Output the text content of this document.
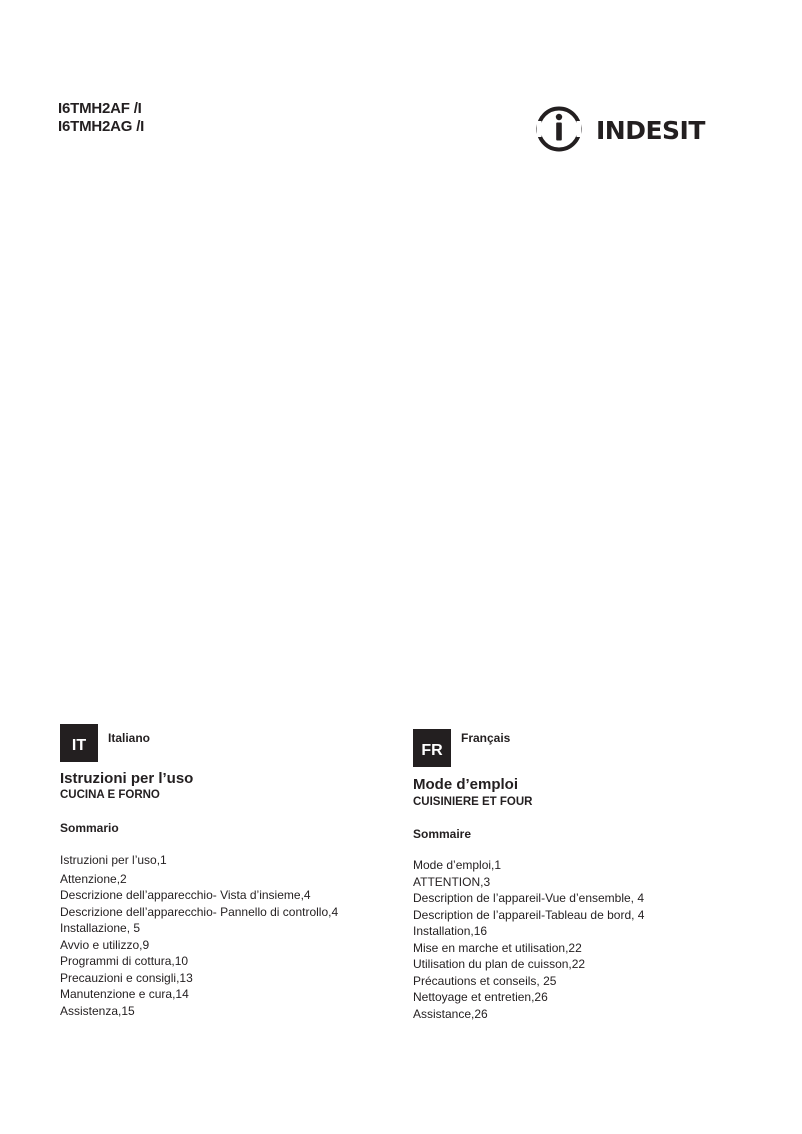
I6TMH2AF /I
I6TMH2AG /I	INDESIT
IT	Italiano
Istruzioni per l’uso
CUCINA E FORNO
Sommario
Istruzioni per l’uso,1
Attenzione,2
Descrizione dell’apparecchio- Vista d’insieme,4
Descrizione dell’apparecchio- Pannello di controllo,4
Installazione, 5
Avvio e utilizzo,9
Programmi di cottura,10
Precauzioni e consigli,13
Manutenzione e cura,14
Assistenza,15
FR
Français
Mode d’emploi
CUISINIERE ET FOUR
Sommaire
Mode d’emploi,1
ATTENTION,3
Description de l’appareil-Vue d’ensemble, 4
Description de l’appareil-Tableau de bord, 4
Installation,16
Mise en marche et utilisation,22
Utilisation du plan de cuisson,22
Précautions et conseils, 25
Nettoyage et entretien,26
Assistance,26
